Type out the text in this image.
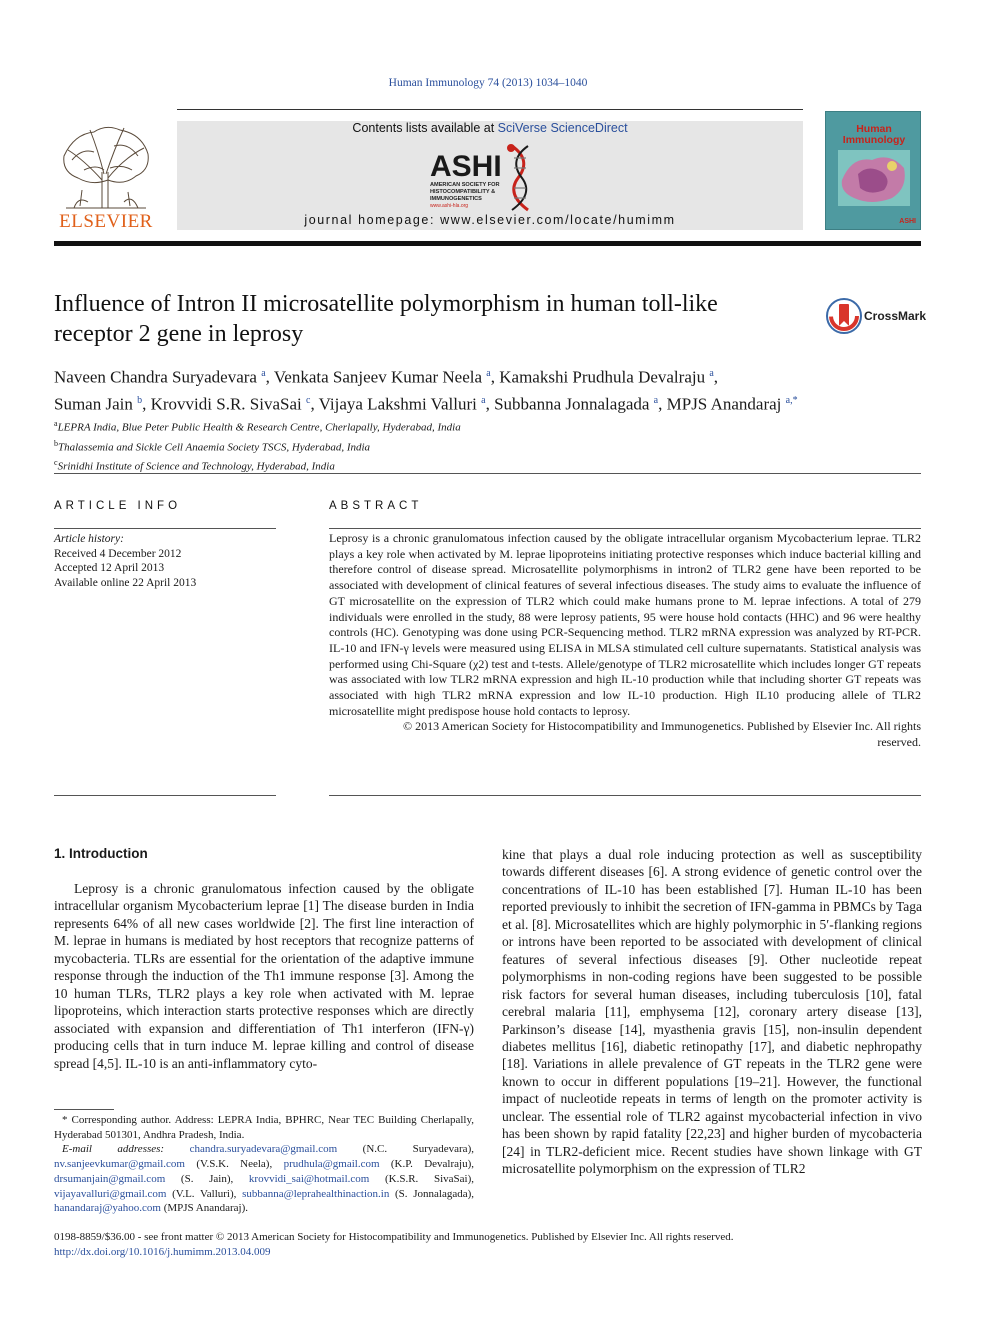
Human Immunology 74 (2013) 1034–1040
ELSEVIER
Contents lists available at SciVerse ScienceDirect
ASHI
AMERICAN SOCIETY FOR
HISTOCOMPATIBILITY &
IMMUNOGENETICS
www.ashi-hla.org
journal homepage: www.elsevier.com/locate/humimm
Human
Immunology
ASHI
Influence of Intron II microsatellite polymorphism in human toll-like receptor 2 gene in leprosy
CrossMark
Naveen Chandra Suryadevara $^a$, Venkata Sanjeev Kumar Neela $^a$, Kamakshi Prudhula Devalraju $^a$,
Suman Jain $^b$, Krovvidi S.R. SivaSai $^c$, Vijaya Lakshmi Valluri $^a$, Subbanna Jonnalagada $^a$, MPJS Anandaraj $^{a,*}$
$^a$LEPRA India, Blue Peter Public Health & Research Centre, Cherlapally, Hyderabad, India
$^b$Thalassemia and Sickle Cell Anaemia Society TSCS, Hyderabad, India
$^c$Srinidhi Institute of Science and Technology, Hyderabad, India
ARTICLE INFO	ABSTRACT
Article history:
Received 4 December 2012
Accepted 12 April 2013
Available online 22 April 2013
Leprosy is a chronic granulomatous infection caused by the obligate intracellular organism Mycobacterium leprae. TLR2 plays a key role when activated by M. leprae lipoproteins initiating protective responses which induce bacterial killing and therefore control of disease spread. Microsatellite polymorphisms in intron2 of TLR2 gene have been reported to be associated with development of clinical features of several infectious diseases. The study aims to evaluate the influence of GT microsatellite on the expression of TLR2 which could make humans prone to M. leprae infections. A total of 279 individuals were enrolled in the study, 88 were leprosy patients, 95 were house hold contacts (HHC) and 96 were healthy controls (HC). Genotyping was done using PCR-Sequencing method. TLR2 mRNA expression was analyzed by RT-PCR. IL-10 and IFN-γ levels were measured using ELISA in MLSA stimulated cell culture supernatants. Statistical analysis was performed using Chi-Square (χ2) test and t-tests. Allele/genotype of TLR2 microsatellite which includes longer GT repeats was associated with low TLR2 mRNA expression and high IL-10 production while that including shorter GT repeats was associated with high TLR2 mRNA expression and low IL-10 production. High IL10 producing allele of TLR2 microsatellite might predispose house hold contacts to leprosy.
© 2013 American Society for Histocompatibility and Immunogenetics. Published by Elsevier Inc. All rights
reserved.
1. Introduction
Leprosy is a chronic granulomatous infection caused by the obligate intracellular organism Mycobacterium leprae [1] The disease burden in India represents 64% of all new cases worldwide [2]. The first line interaction of M. leprae in humans is mediated by host receptors that recognize patterns of mycobacteria. TLRs are essential for the orientation of the adaptive immune response through the induction of the Th1 immune response [3]. Among the 10 human TLRs, TLR2 plays a key role when activated with M. leprae lipoproteins, which interaction starts protective responses which are directly associated with expansion and differentiation of Th1 interferon (IFN-γ) producing cells that in turn induce M. leprae killing and control of disease spread [4,5]. IL-10 is an anti-inflammatory cyto-
kine that plays a dual role inducing protection as well as susceptibility towards different diseases [6]. A strong evidence of genetic control over the concentrations of IL-10 has been established [7]. Human IL-10 has been reported previously to inhibit the secretion of IFN-gamma in PBMCs by Taga et al. [8]. Microsatellites which are highly polymorphic in 5′-flanking regions or introns have been reported to be associated with development of clinical features of several infectious diseases [9]. Other nucleotide repeat polymorphisms in non-coding regions have been suggested to be possible risk factors for several human diseases, including tuberculosis [10], fatal cerebral malaria [11], emphysema [12], coronary artery disease [13], Parkinson’s disease [14], myasthenia gravis [15], non-insulin dependent diabetes mellitus [16], diabetic retinopathy [17], and diabetic nephropathy [18]. Variations in allele prevalence of GT repeats in the TLR2 gene were known to occur in different populations [19–21]. However, the functional impact of nucleotide repeats in terms of length on the promoter activity is unclear. The essential role of TLR2 against mycobacterial infection in vivo has been shown by rapid fatality [22,23] and higher burden of mycobacteria [24] in TLR2-deficient mice. Recent studies have shown linkage with GT microsatellite polymorphism on the expression of TLR2

* Corresponding author. Address: LEPRA India, BPHRC, Near TEC Building Cherlapally, Hyderabad 501301, Andhra Pradesh, India.

E-mail addresses: chandra.suryadevara@gmail.com (N.C. Suryadevara), nv.sanjeevkumar@gmail.com (V.S.K. Neela), prudhula@gmail.com (K.P. Devalraju), drsumanjain@gmail.com (S. Jain), krovvidi_sai@hotmail.com (K.S.R. SivaSai), vijayavalluri@gmail.com (V.L. Valluri), subbanna@leprahealthinaction.in (S. Jonnalagada), hanandaraj@yahoo.com (MPJS Anandaraj).

0198-8859/$36.00 - see front matter © 2013 American Society for Histocompatibility and Immunogenetics. Published by Elsevier Inc. All rights reserved.
http://dx.doi.org/10.1016/j.humimm.2013.04.009
